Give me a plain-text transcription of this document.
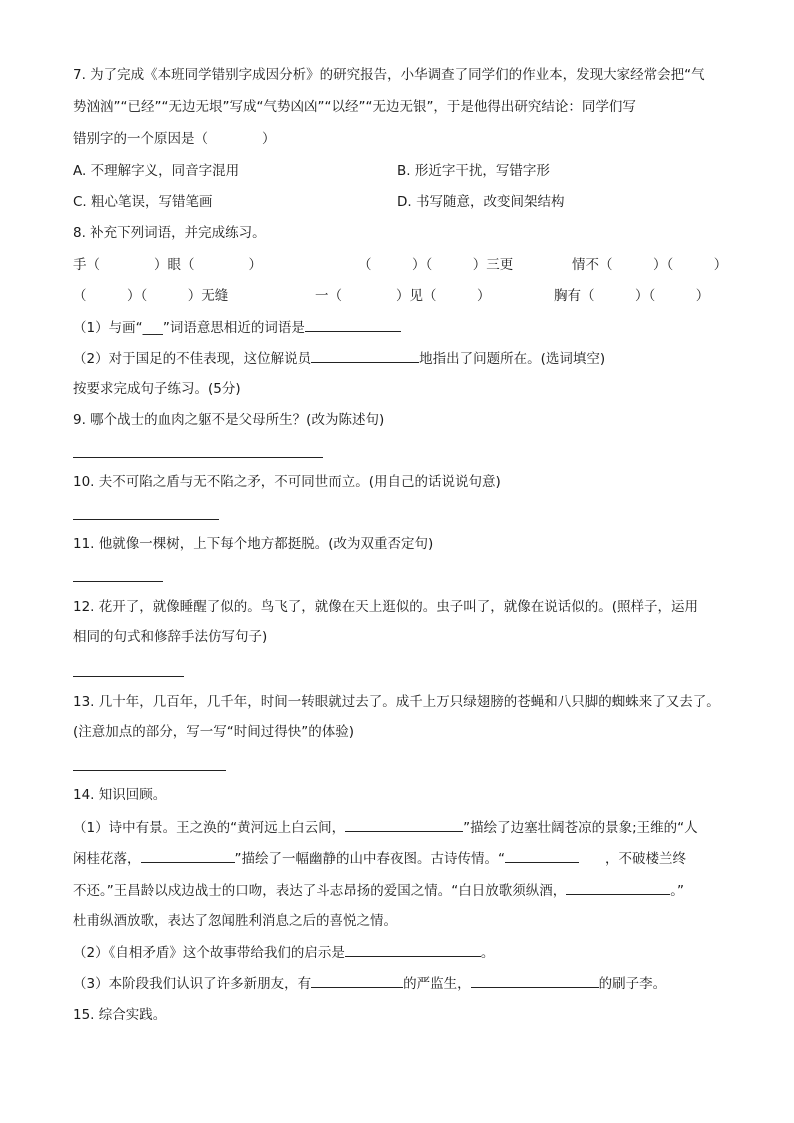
7. 为了完成《本班同学错别字成因分析》的研究报告，小华调查了同学们的作业本，发现大家经常会把“气
势汹汹”“已经”“无边无垠”写成“气势凶凶”“以经”“无边无银”，于是他得出研究结论：同学们写
错别字的一个原因是（　　　　）
A. 不理解字义，同音字混用	B. 形近字干扰，写错字形
C. 粗心笔误，写错笔画	D. 书写随意，改变间架结构
8. 补充下列词语，并完成练习。
手（　　　　）眼（　　　　）	（　　　）（　　　）三更	情不（　　　）（　　　）
（　　　）（　　　）无缝	一（　　　　）见（　　　）	胸有（　　　）（　　　）
（1）与画“___”词语意思相近的词语是
（2）对于国足的不佳表现，这位解说员	地指出了问题所在。(选词填空)
按要求完成句子练习。(5分)
9. 哪个战士的血肉之躯不是父母所生？(改为陈述句)
10. 夫不可陷之盾与无不陷之矛，不可同世而立。(用自己的话说说句意)
11. 他就像一棵树，上下每个地方都挺脱。(改为双重否定句)
12. 花开了，就像睡醒了似的。鸟飞了，就像在天上逛似的。虫子叫了，就像在说话似的。(照样子，运用
相同的句式和修辞手法仿写句子)
13. 几十年，几百年，几千年，时间一转眼就过去了。成千上万只绿翅膀的苍蝇和八只脚的蜘蛛来了又去了。
(注意加点的部分，写一写“时间过得快”的体验)
14. 知识回顾。
（1）诗中有景。王之涣的“黄河远上白云间，	”描绘了边塞壮阔苍凉的景象;王维的“人
闲桂花落，	”描绘了一幅幽静的山中春夜图。古诗传情。“	，不破楼兰终
不还。”王昌龄以戍边战士的口吻，表达了斗志昂扬的爱国之情。“白日放歌须纵酒，	。”
杜甫纵酒放歌，表达了忽闻胜利消息之后的喜悦之情。
（2）《自相矛盾》这个故事带给我们的启示是	。
（3）本阶段我们认识了许多新朋友，有	的严监生，	的刷子李。
15. 综合实践。
